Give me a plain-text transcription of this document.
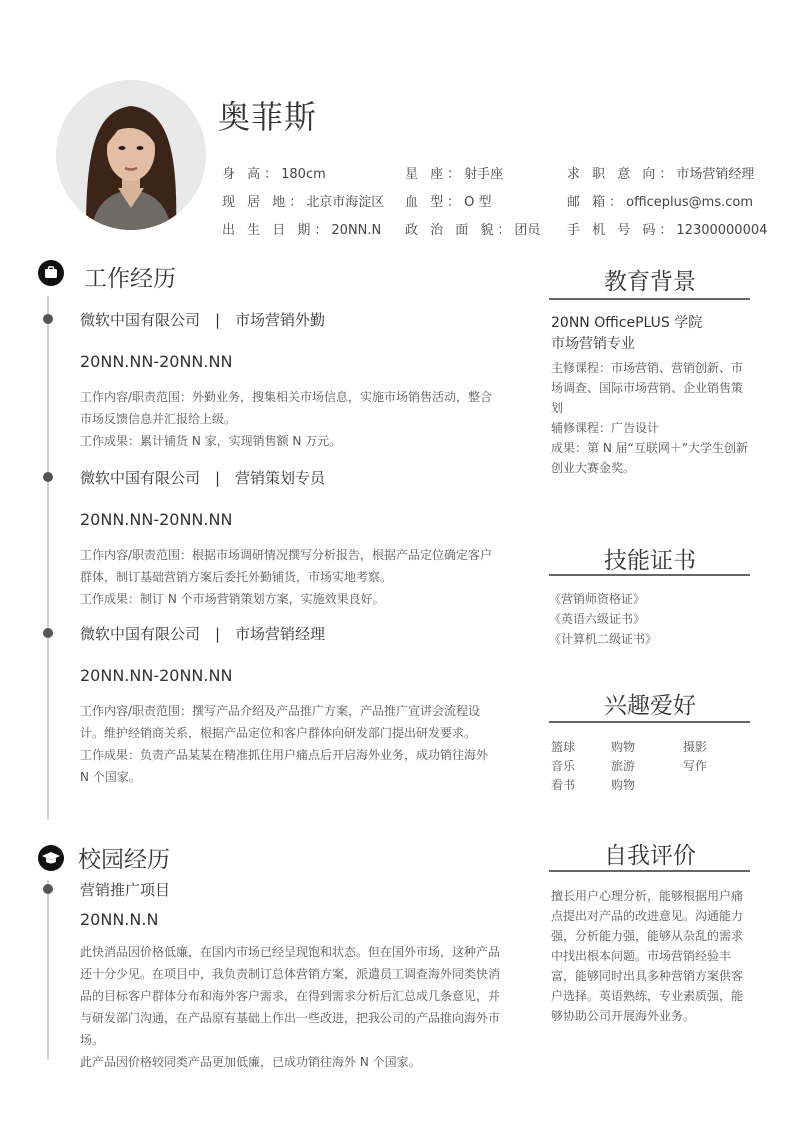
奥菲斯
身 高：180cm	星 座：射手座	求 职 意 向：市场营销经理
现 居 地：北京市海淀区 血 型：O 型	邮 箱：officeplus@ms.com
出 生 日 期：20NN.N 政 治 面 貌：团员 手 机 号 码：12300000004
工作经历
微软中国有限公司　|　市场营销外勤
20NN.NN-20NN.NN
工作内容/职责范围：外勤业务，搜集相关市场信息，实施市场销售活动，整合市场反馈信息并汇报给上级。
工作成果：累计铺货 N 家，实现销售额 N 万元。
微软中国有限公司　|　营销策划专员
20NN.NN-20NN.NN
工作内容/职责范围：根据市场调研情况撰写分析报告，根据产品定位确定客户群体，制订基础营销方案后委托外勤铺货，市场实地考察。
工作成果：制订 N 个市场营销策划方案，实施效果良好。
微软中国有限公司　|　市场营销经理
20NN.NN-20NN.NN
工作内容/职责范围：撰写产品介绍及产品推广方案，产品推广宣讲会流程设计。维护经销商关系，根据产品定位和客户群体向研发部门提出研发要求。
工作成果：负责产品某某在精准抓住用户痛点后开启海外业务，成功销往海外 N 个国家。
校园经历
营销推广项目
20NN.N.N
此快消品因价格低廉，在国内市场已经呈现饱和状态。但在国外市场，这种产品还十分少见。在项目中，我负责制订总体营销方案，派遣员工调查海外同类快消品的目标客户群体分布和海外客户需求，在得到需求分析后汇总成几条意见，并与研发部门沟通，在产品原有基础上作出一些改进，把我公司的产品推向海外市场。
此产品因价格较同类产品更加低廉，已成功销往海外 N 个国家。
教育背景
20NN OfficePLUS 学院
市场营销专业
主修课程：市场营销、营销创新、市场调查、国际市场营销、企业销售策划
辅修课程：广告设计
成果：第 N 届“互联网＋”大学生创新创业大赛金奖。
技能证书
《营销师资格证》
《英语六级证书》
《计算机二级证书》
兴趣爱好
篮球	购物	摄影
音乐	旅游	写作
看书	购物
自我评价
擅长用户心理分析，能够根据用户痛点提出对产品的改进意见。沟通能力强，分析能力强，能够从杂乱的需求中找出根本问题。市场营销经验丰富，能够同时出具多种营销方案供客户选择。英语熟练，专业素质强，能够协助公司开展海外业务。
